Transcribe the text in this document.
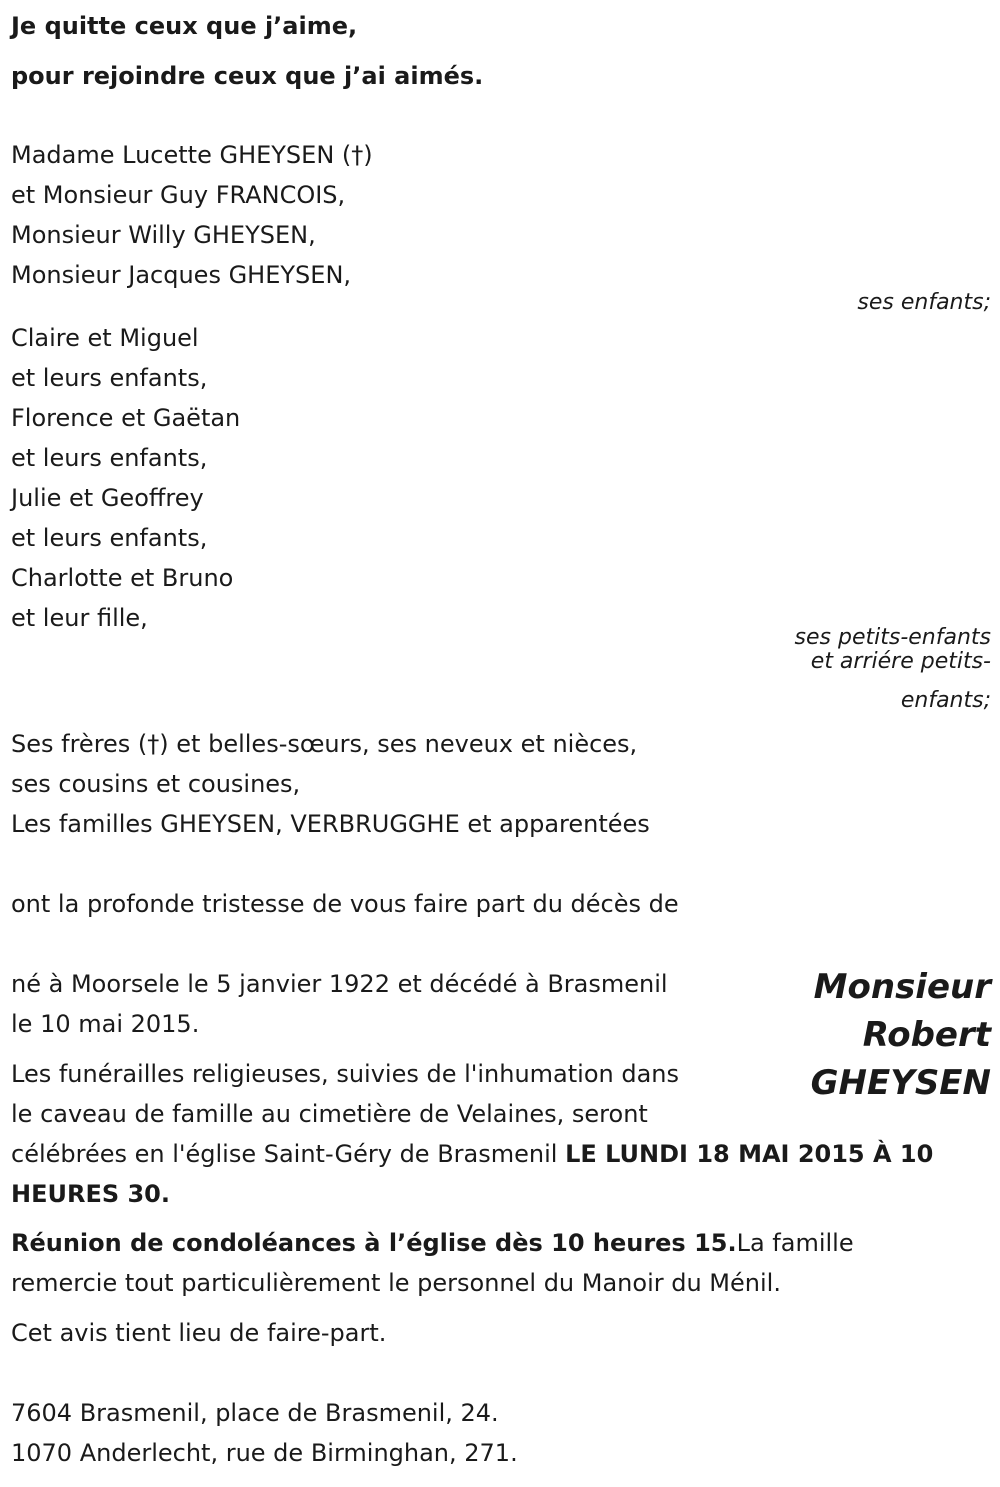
Je quitte ceux que j’aime,
pour rejoindre ceux que j’ai aimés.
Madame Lucette GHEYSEN (†)
et Monsieur Guy FRANCOIS,
Monsieur Willy GHEYSEN,
Monsieur Jacques GHEYSEN,
ses enfants;
Claire et Miguel
et leurs enfants,
Florence et Gaëtan
et leurs enfants,
Julie et Geoffrey
et leurs enfants,
Charlotte et Bruno
et leur fille,
ses petits-enfants
et arriére petits-
enfants;
Ses frères (†) et belles-sœurs, ses neveux et nièces,
ses cousins et cousines,
Les familles GHEYSEN, VERBRUGGHE et apparentées
ont la profonde tristesse de vous faire part du décès de
né à Moorsele le 5 janvier 1922 et décédé à Brasmenil
le 10 mai 2015.
Les funérailles religieuses, suivies de l'inhumation dans
le caveau de famille au cimetière de Velaines, seront
célébrées en l'église Saint-Géry de Brasmenil LE LUNDI 18 MAI 2015 À 10
HEURES 30.
Réunion de condoléances à l’église dès 10 heures 15.La famille
remercie tout particulièrement le personnel du Manoir du Ménil.
Cet avis tient lieu de faire-part.
7604 Brasmenil, place de Brasmenil, 24.
1070 Anderlecht, rue de Birminghan, 271.
Monsieur
Robert
GHEYSEN
